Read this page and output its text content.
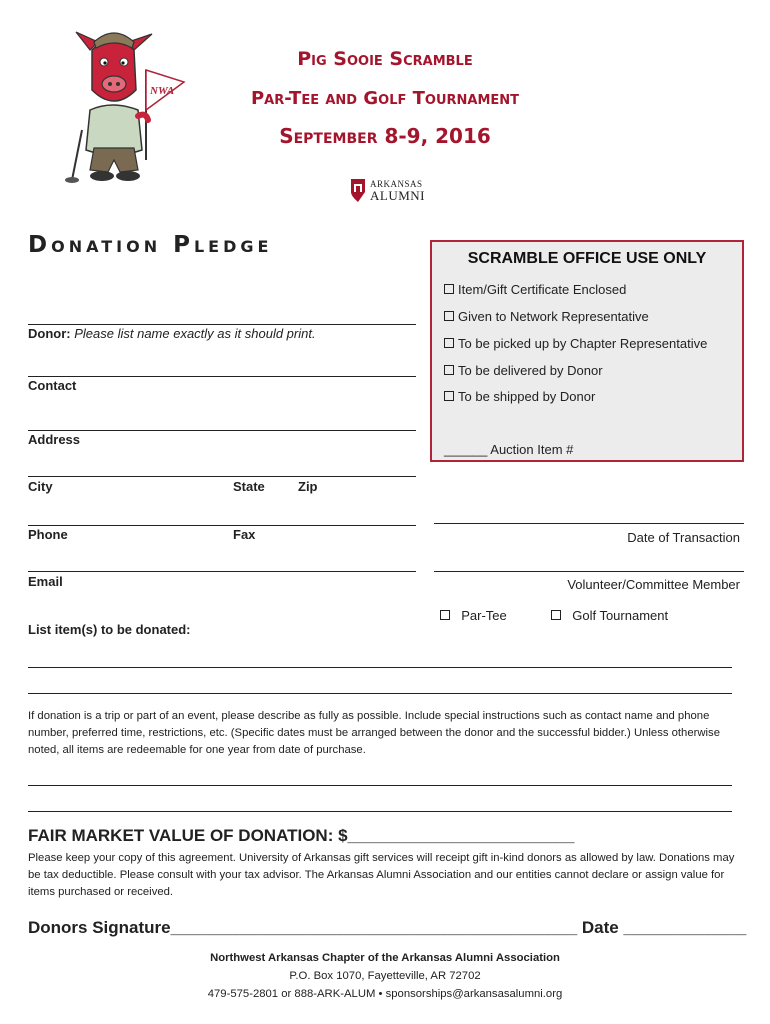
NWA
Pig Sooie Scramble
Par-Tee and Golf Tournament
September 8-9, 2016
ARKANSAS
ALUMNI
Donation Pledge
SCRAMBLE OFFICE USE ONLY
Item/Gift Certificate Enclosed
Given to Network Representative
To be picked up by Chapter Representative
To be delivered by Donor
To be shipped by Donor
______ Auction Item #
Donor: Please list name exactly as it should print.
Contact
Address
City	State	Zip
Phone	Fax
Email
List item(s) to be donated:
Date of Transaction
Volunteer/Committee Member
Par-Tee	Golf Tournament
If donation is a trip or part of an event, please describe as fully as possible. Include special instructions such as contact name and phone number, preferred time, restrictions, etc. (Specific dates must be arranged between the donor and the successful bidder.) Unless otherwise noted, all items are redeemable for one year from date of purchase.
FAIR MARKET VALUE OF DONATION: $________________________
Please keep your copy of this agreement. University of Arkansas gift services will receipt gift in-kind donors as allowed by law. Donations may be tax deductible. Please consult with your tax advisor. The Arkansas Alumni Association and our entities cannot declare or assign value for items purchased or received.
Donors Signature___________________________________________ Date _____________
Northwest Arkansas Chapter of the Arkansas Alumni Association
P.O. Box 1070, Fayetteville, AR 72702
479-575-2801 or 888-ARK-ALUM • sponsorships@arkansasalumni.org
